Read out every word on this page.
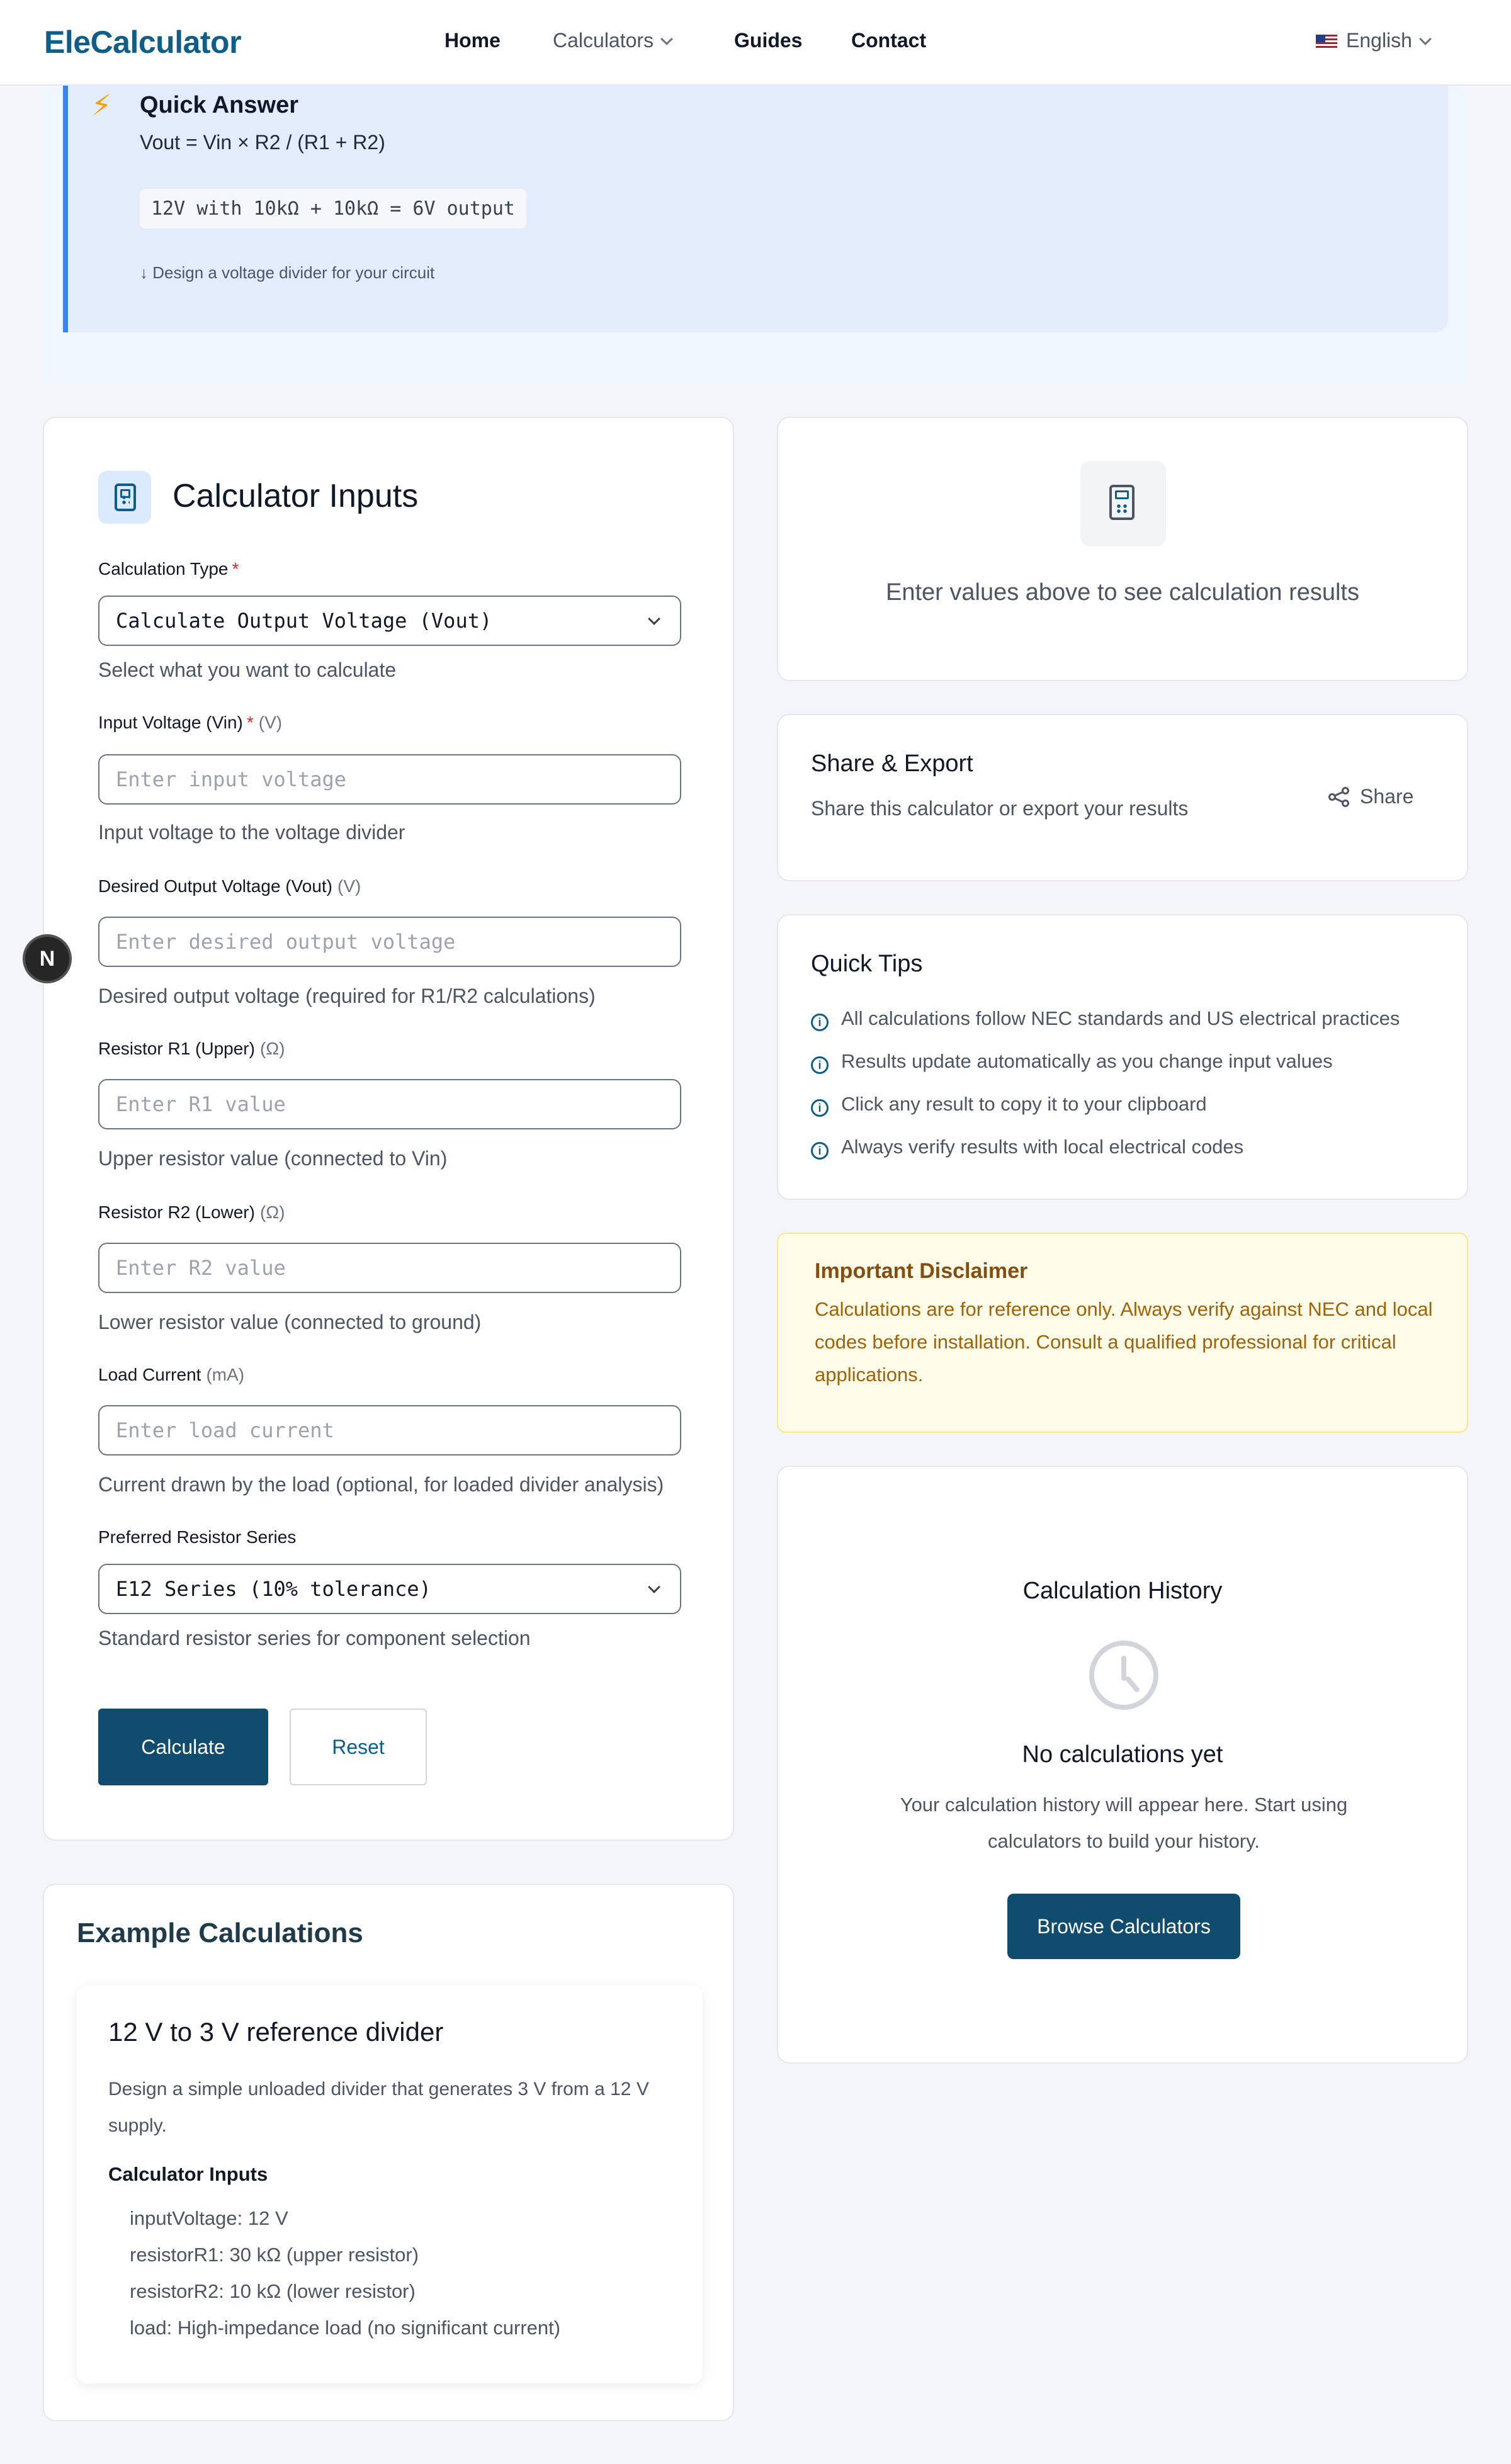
EleCalculator	Home	Calculators	Guides Contact	English
⚡ Quick Answer
Vout = Vin × R2 / (R1 + R2)
12V with 10kΩ + 10kΩ = 6V output
↓ Design a voltage divider for your circuit
Calculator Inputs
Calculation Type *
Calculate Output Voltage (Vout)
Select what you want to calculate
Input Voltage (Vin) * (V)
Enter input voltage
Input voltage to the voltage divider
Desired Output Voltage (Vout) (V)
Enter desired output voltage
Desired output voltage (required for R1/R2 calculations)
Resistor R1 (Upper) (Ω)
Enter R1 value
Upper resistor value (connected to Vin)
Resistor R2 (Lower) (Ω)
Enter R2 value
Lower resistor value (connected to ground)
Load Current (mA)
Enter load current
Current drawn by the load (optional, for loaded divider analysis)
Preferred Resistor Series
E12 Series (10% tolerance)
Standard resistor series for component selection
Calculate	Reset
N
Enter values above to see calculation results
Share & Export
Share this calculator or export your results
Share
Quick Tips
i All calculations follow NEC standards and US electrical practices
i Results update automatically as you change input values
i Click any result to copy it to your clipboard
i Always verify results with local electrical codes
Important Disclaimer
Calculations are for reference only. Always verify against NEC and local codes before installation. Consult a qualified professional for critical applications.
Calculation History
No calculations yet
Your calculation history will appear here. Start using calculators to build your history.
Browse Calculators
Example Calculations
12 V to 3 V reference divider
Design a simple unloaded divider that generates 3 V from a 12 V supply.
Calculator Inputs
inputVoltage: 12 V
resistorR1: 30 kΩ (upper resistor)
resistorR2: 10 kΩ (lower resistor)
load: High-impedance load (no significant current)
